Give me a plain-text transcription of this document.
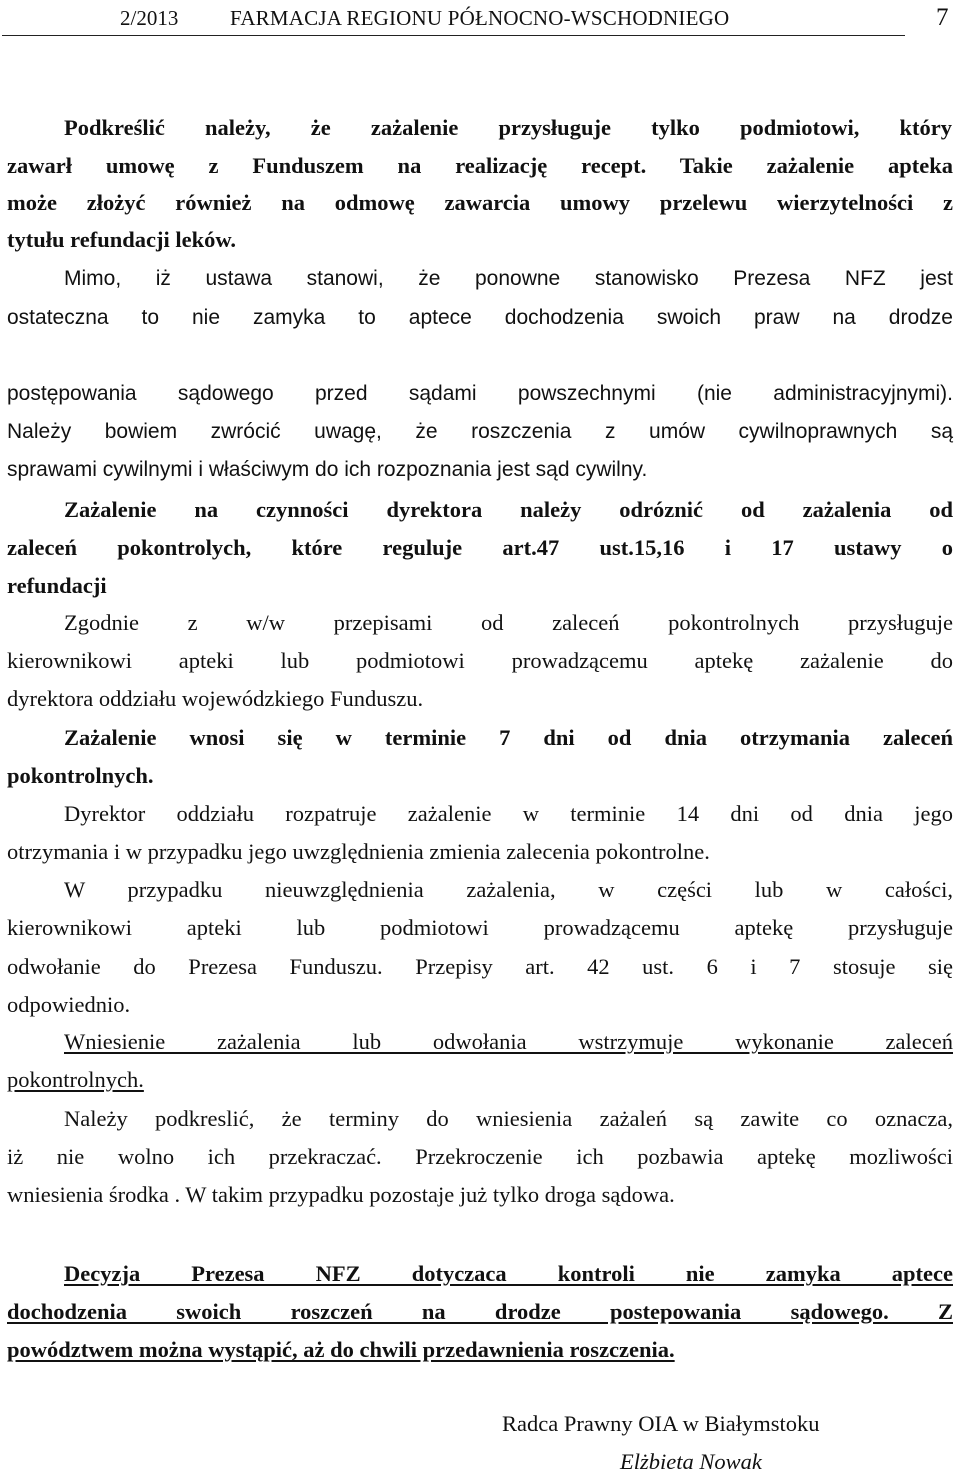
2/2013 FARMACJA REGIONU PÓŁNOCNO-WSCHODNIEGO	7
Podkreślić należy, że zażalenie przysługuje tylko podmiotowi, który
zawarł umowę z Funduszem na realizację recept. Takie zażalenie apteka
może złożyć również na odmowę zawarcia umowy przelewu wierzytelności z
tytułu refundacji leków.
Mimo, iż ustawa stanowi, że ponowne stanowisko Prezesa NFZ jest
ostateczna to nie zamyka to aptece dochodzenia swoich praw na drodze
postępowania sądowego przed sądami powszechnymi (nie administracyjnymi).
Należy bowiem zwrócić uwagę, że roszczenia z umów cywilnoprawnych są
sprawami cywilnymi i właściwym do ich rozpoznania jest sąd cywilny.
Zażalenie na czynności dyrektora należy odróznić od zażalenia od
zaleceń pokontrolych, które reguluje art.47 ust.15,16 i 17 ustawy o
refundacji
Zgodnie z w/w przepisami od zaleceń pokontrolnych przysługuje
kierownikowi apteki lub podmiotowi prowadzącemu aptekę zażalenie do
dyrektora oddziału wojewódzkiego Funduszu.
Zażalenie wnosi się w terminie 7 dni od dnia otrzymania zaleceń
pokontrolnych.
Dyrektor oddziału rozpatruje zażalenie w terminie 14 dni od dnia jego
otrzymania i w przypadku jego uwzględnienia zmienia zalecenia pokontrolne.
W przypadku nieuwzględnienia zażalenia, w części lub w całości,
kierownikowi apteki lub podmiotowi prowadzącemu aptekę przysługuje
odwołanie do Prezesa Funduszu. Przepisy art. 42 ust. 6 i 7 stosuje się
odpowiednio.
Wniesienie zażalenia lub odwołania wstrzymuje wykonanie zaleceń
pokontrolnych.
Należy podkreslić, że terminy do wniesienia zażaleń są zawite co oznacza,
iż nie wolno ich przekraczać. Przekroczenie ich pozbawia aptekę mozliwości
wniesienia środka . W takim przypadku pozostaje już tylko droga sądowa.
Decyzja Prezesa NFZ dotyczaca kontroli nie zamyka aptece
dochodzenia swoich roszczeń na drodze postepowania sądowego. Z
powództwem można wystąpić, aż do chwili przedawnienia roszczenia.
Radca Prawny OIA w Białymstoku
Elżbieta Nowak
